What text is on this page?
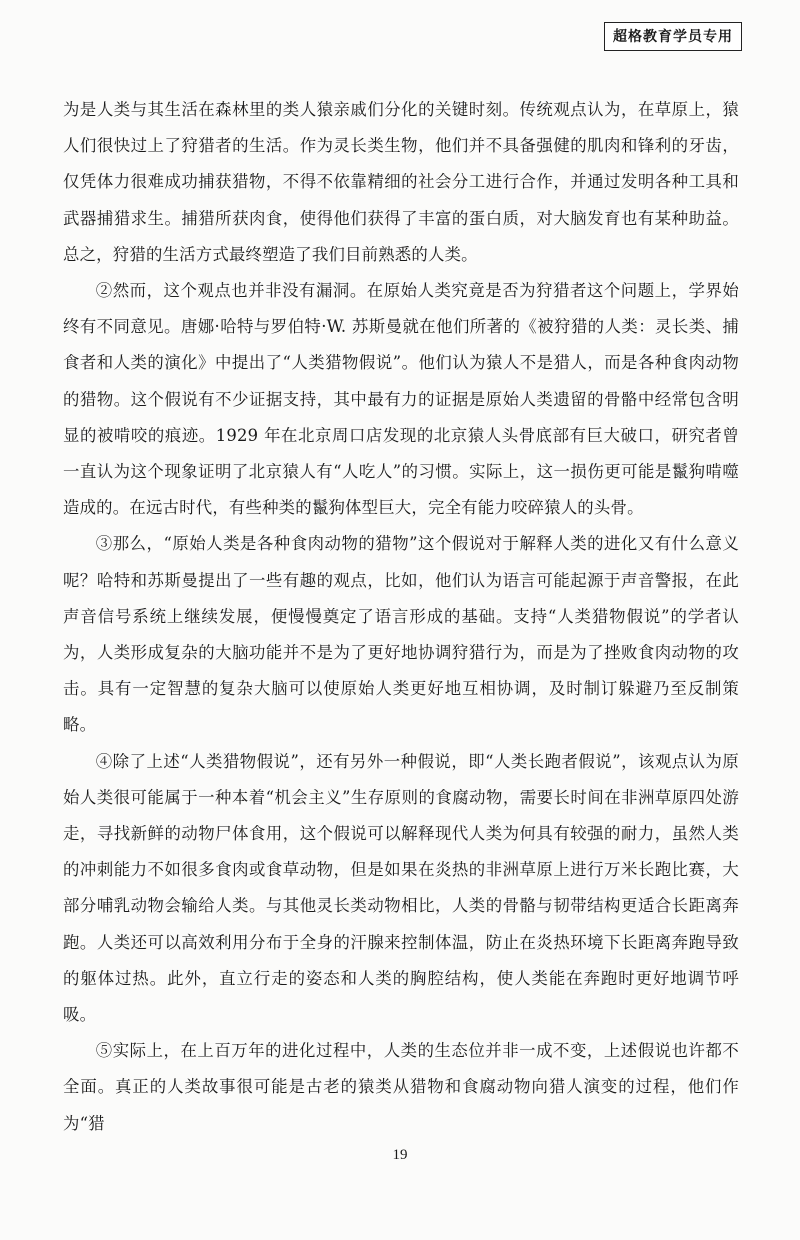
超格教育学员专用

为是人类与其生活在森林里的类人猿亲戚们分化的关键时刻。传统观点认为，在草原上，猿人们很快过上了狩猎者的生活。作为灵长类生物，他们并不具备强健的肌肉和锋利的牙齿，仅凭体力很难成功捕获猎物，不得不依靠精细的社会分工进行合作，并通过发明各种工具和武器捕猎求生。捕猎所获肉食，使得他们获得了丰富的蛋白质，对大脑发育也有某种助益。总之，狩猎的生活方式最终塑造了我们目前熟悉的人类。

②然而，这个观点也并非没有漏洞。在原始人类究竟是否为狩猎者这个问题上，学界始终有不同意见。唐娜·哈特与罗伯特·W. 苏斯曼就在他们所著的《被狩猎的人类：灵长类、捕食者和人类的演化》中提出了“人类猎物假说”。他们认为猿人不是猎人，而是各种食肉动物的猎物。这个假说有不少证据支持，其中最有力的证据是原始人类遗留的骨骼中经常包含明显的被啃咬的痕迹。1929 年在北京周口店发现的北京猿人头骨底部有巨大破口，研究者曾一直认为这个现象证明了北京猿人有“人吃人”的习惯。实际上，这一损伤更可能是鬣狗啃噬造成的。在远古时代，有些种类的鬣狗体型巨大，完全有能力咬碎猿人的头骨。

③那么，“原始人类是各种食肉动物的猎物”这个假说对于解释人类的进化又有什么意义呢？哈特和苏斯曼提出了一些有趣的观点，比如，他们认为语言可能起源于声音警报，在此声音信号系统上继续发展，便慢慢奠定了语言形成的基础。支持“人类猎物假说”的学者认为，人类形成复杂的大脑功能并不是为了更好地协调狩猎行为，而是为了挫败食肉动物的攻击。具有一定智慧的复杂大脑可以使原始人类更好地互相协调，及时制订躲避乃至反制策略。

④除了上述“人类猎物假说”，还有另外一种假说，即“人类长跑者假说”，该观点认为原始人类很可能属于一种本着“机会主义”生存原则的食腐动物，需要长时间在非洲草原四处游走，寻找新鲜的动物尸体食用，这个假说可以解释现代人类为何具有较强的耐力，虽然人类的冲刺能力不如很多食肉或食草动物，但是如果在炎热的非洲草原上进行万米长跑比赛，大部分哺乳动物会输给人类。与其他灵长类动物相比，人类的骨骼与韧带结构更适合长距离奔跑。人类还可以高效利用分布于全身的汗腺来控制体温，防止在炎热环境下长距离奔跑导致的躯体过热。此外，直立行走的姿态和人类的胸腔结构，使人类能在奔跑时更好地调节呼吸。

⑤实际上，在上百万年的进化过程中，人类的生态位并非一成不变，上述假说也许都不全面。真正的人类故事很可能是古老的猿类从猎物和食腐动物向猎人演变的过程，他们作为“猎

19
